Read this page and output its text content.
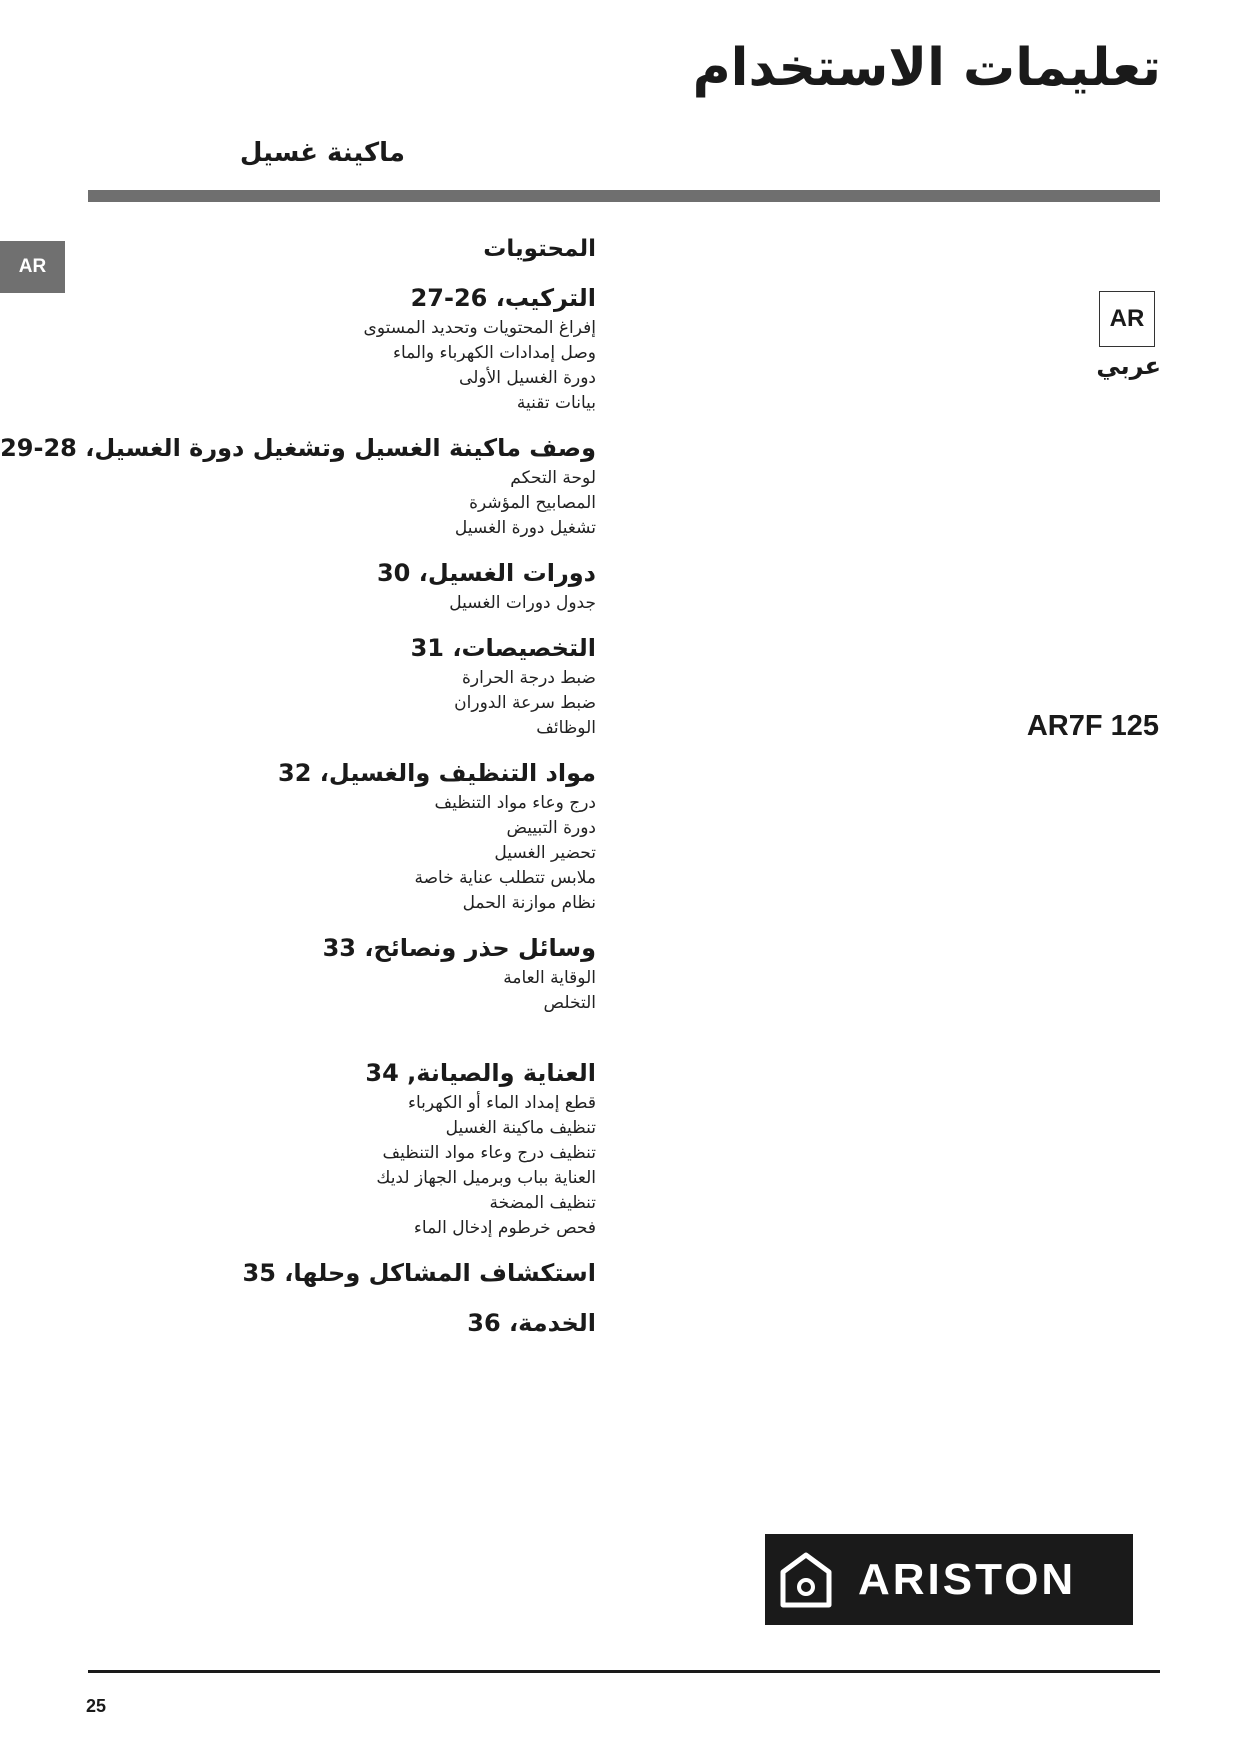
تعليمات الاستخدام
ماكينة غسيل
AR
AR
عربي
AR7F 125
المحتويات
التركيب، 26-27
إفراغ المحتويات وتحديد المستوى
وصل إمدادات الكهرباء والماء
دورة الغسيل الأولى
بيانات تقنية
وصف ماكينة الغسيل وتشغيل دورة الغسيل، 28-29
لوحة التحكم
المصابيح المؤشرة
تشغيل دورة الغسيل
دورات الغسيل، 30
جدول دورات الغسيل
التخصيصات، 31
ضبط درجة الحرارة
ضبط سرعة الدوران
الوظائف
مواد التنظيف والغسيل، 32
درج وعاء مواد التنظيف
دورة التبييض
تحضير الغسيل
ملابس تتطلب عناية خاصة
نظام موازنة الحمل
وسائل حذر ونصائح، 33
الوقاية العامة
التخلص
العناية والصيانة, 34
قطع إمداد الماء أو الكهرباء
تنظيف ماكينة الغسيل
تنظيف درج وعاء مواد التنظيف
العناية بباب وبرميل الجهاز لديك
تنظيف المضخة
فحص خرطوم إدخال الماء
استكشاف المشاكل وحلها، 35
الخدمة، 36
ARISTON
25
